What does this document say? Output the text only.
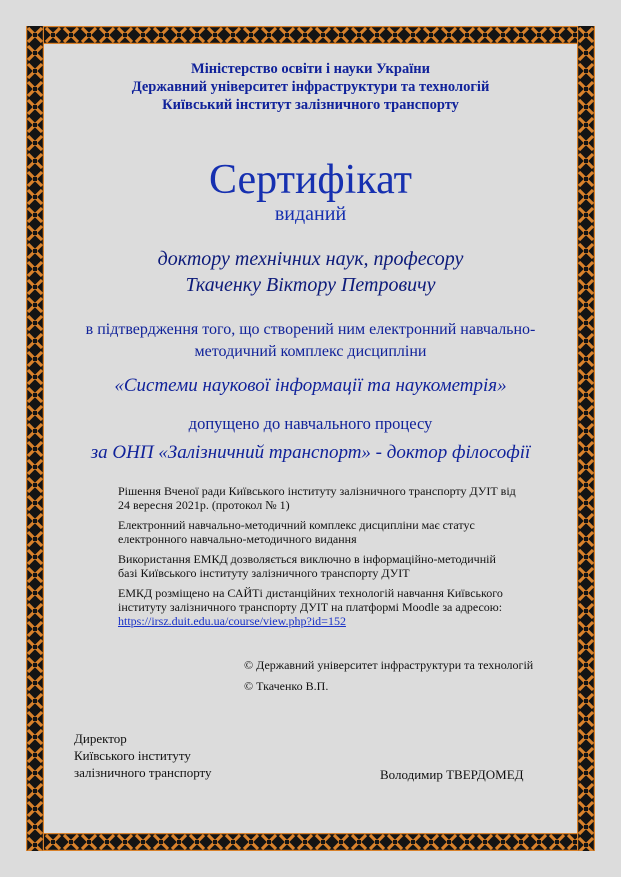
Міністерство освіти і науки України
Державний університет інфраструктури та технологій
Київський інститут залізничного транспорту
Сертифікат
виданий
доктору технічних наук, професору
Ткаченку Віктору Петровичу
в підтвердження того, що створений ним електронний навчально-
методичний комплекс дисципліни
«Системи наукової інформації та наукометрія»
допущено до навчального процесу
за ОНП «Залізничний транспорт» - доктор філософії
Рішення Вченої ради Київського інституту залізничного транспорту ДУІТ від
24 вересня 2021р. (протокол № 1)
Електронний навчально-методичний комплекс дисципліни має статус
електронного навчально-методичного видання
Використання ЕМКД дозволяється виключно в інформаційно-методичній
базі Київського інституту залізничного транспорту ДУІТ
ЕМКД розміщено на САЙТі дистанційних технологій навчання Київського
інституту залізничного транспорту ДУІТ на платформі Moodle за адресою:
https://irsz.duit.edu.ua/course/view.php?id=152
© Державний університет інфраструктури та технологій
© Ткаченко В.П.
Директор
Київського інституту
залізничного транспорту	Володимир ТВЕРДОМЕД
